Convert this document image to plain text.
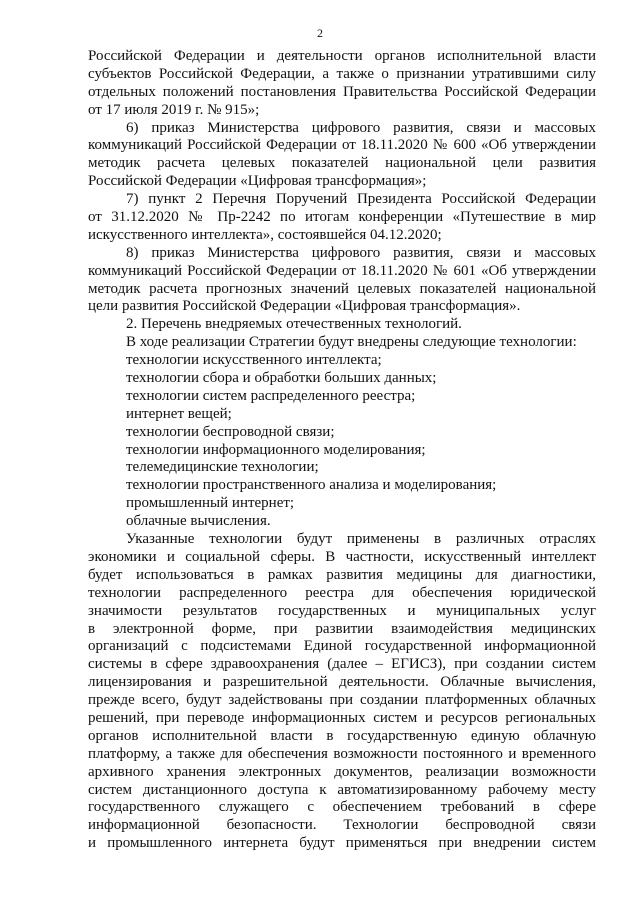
2
Российской Федерации и деятельности органов исполнительной власти
субъектов Российской Федерации, а также о признании утратившими силу
отдельных положений постановления Правительства Российской Федерации
от 17 июля 2019 г. № 915»;
6) приказ Министерства цифрового развития, связи и массовых
коммуникаций Российской Федерации от 18.11.2020 № 600 «Об утверждении
методик расчета целевых показателей национальной цели развития
Российской Федерации «Цифровая трансформация»;
7) пункт 2 Перечня Поручений Президента Российской Федерации
от 31.12.2020 № Пр-2242 по итогам конференции «Путешествие в мир
искусственного интеллекта», состоявшейся 04.12.2020;
8) приказ Министерства цифрового развития, связи и массовых
коммуникаций Российской Федерации от 18.11.2020 № 601 «Об утверждении
методик расчета прогнозных значений целевых показателей национальной
цели развития Российской Федерации «Цифровая трансформация».
2. Перечень внедряемых отечественных технологий.
В ходе реализации Стратегии будут внедрены следующие технологии:
технологии искусственного интеллекта;
технологии сбора и обработки больших данных;
технологии систем распределенного реестра;
интернет вещей;
технологии беспроводной связи;
технологии информационного моделирования;
телемедицинские технологии;
технологии пространственного анализа и моделирования;
промышленный интернет;
облачные вычисления.
Указанные технологии будут применены в различных отраслях
экономики и социальной сферы. В частности, искусственный интеллект
будет использоваться в рамках развития медицины для диагностики,
технологии распределенного реестра для обеспечения юридической
значимости результатов государственных и муниципальных услуг
в электронной форме, при развитии взаимодействия медицинских
организаций с подсистемами Единой государственной информационной
системы в сфере здравоохранения (далее – ЕГИСЗ), при создании систем
лицензирования и разрешительной деятельности. Облачные вычисления,
прежде всего, будут задействованы при создании платформенных облачных
решений, при переводе информационных систем и ресурсов региональных
органов исполнительной власти в государственную единую облачную
платформу, а также для обеспечения возможности постоянного и временного
архивного хранения электронных документов, реализации возможности
систем дистанционного доступа к автоматизированному рабочему месту
государственного служащего с обеспечением требований в сфере
информационной безопасности. Технологии беспроводной связи
и промышленного интернета будут применяться при внедрении систем
